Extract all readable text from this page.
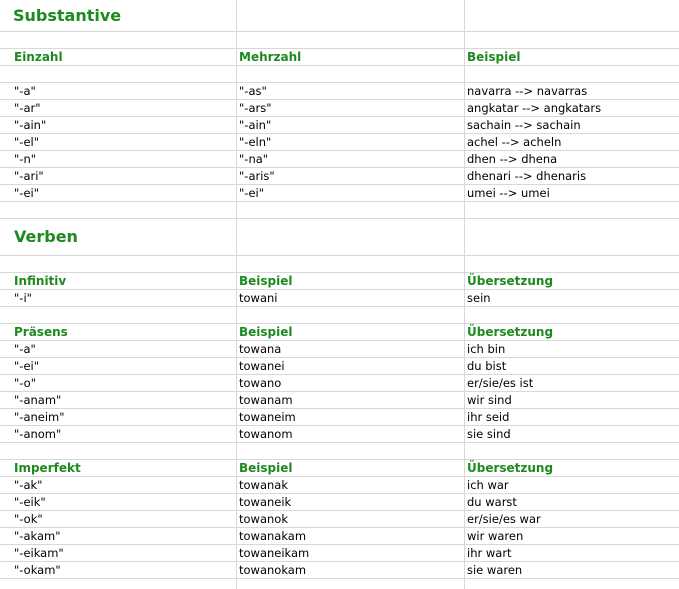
Substantive
Einzahl	Mehrzahl	Beispiel
"-a"	"-as"	navarra --> navarras
"-ar"	"-ars"	angkatar --> angkatars
"-ain"	"-ain"	sachain --> sachain
"-el"	"-eln"	achel --> acheln
"-n"	"-na"	dhen --> dhena
"-ari"	"-aris"	dhenari --> dhenaris
"-ei"	"-ei"	umei --> umei
Verben
Infinitiv	Beispiel	Übersetzung
"-i"	towani	sein
Präsens	Beispiel	Übersetzung
"-a"	towana	ich bin
"-ei"	towanei	du bist
"-o"	towano	er/sie/es ist
"-anam"	towanam	wir sind
"-aneim"	towaneim	ihr seid
"-anom"	towanom	sie sind
Imperfekt	Beispiel	Übersetzung
"-ak"	towanak	ich war
"-eik"	towaneik	du warst
"-ok"	towanok	er/sie/es war
"-akam"	towanakam	wir waren
"-eikam"	towaneikam	ihr wart
"-okam"	towanokam	sie waren
